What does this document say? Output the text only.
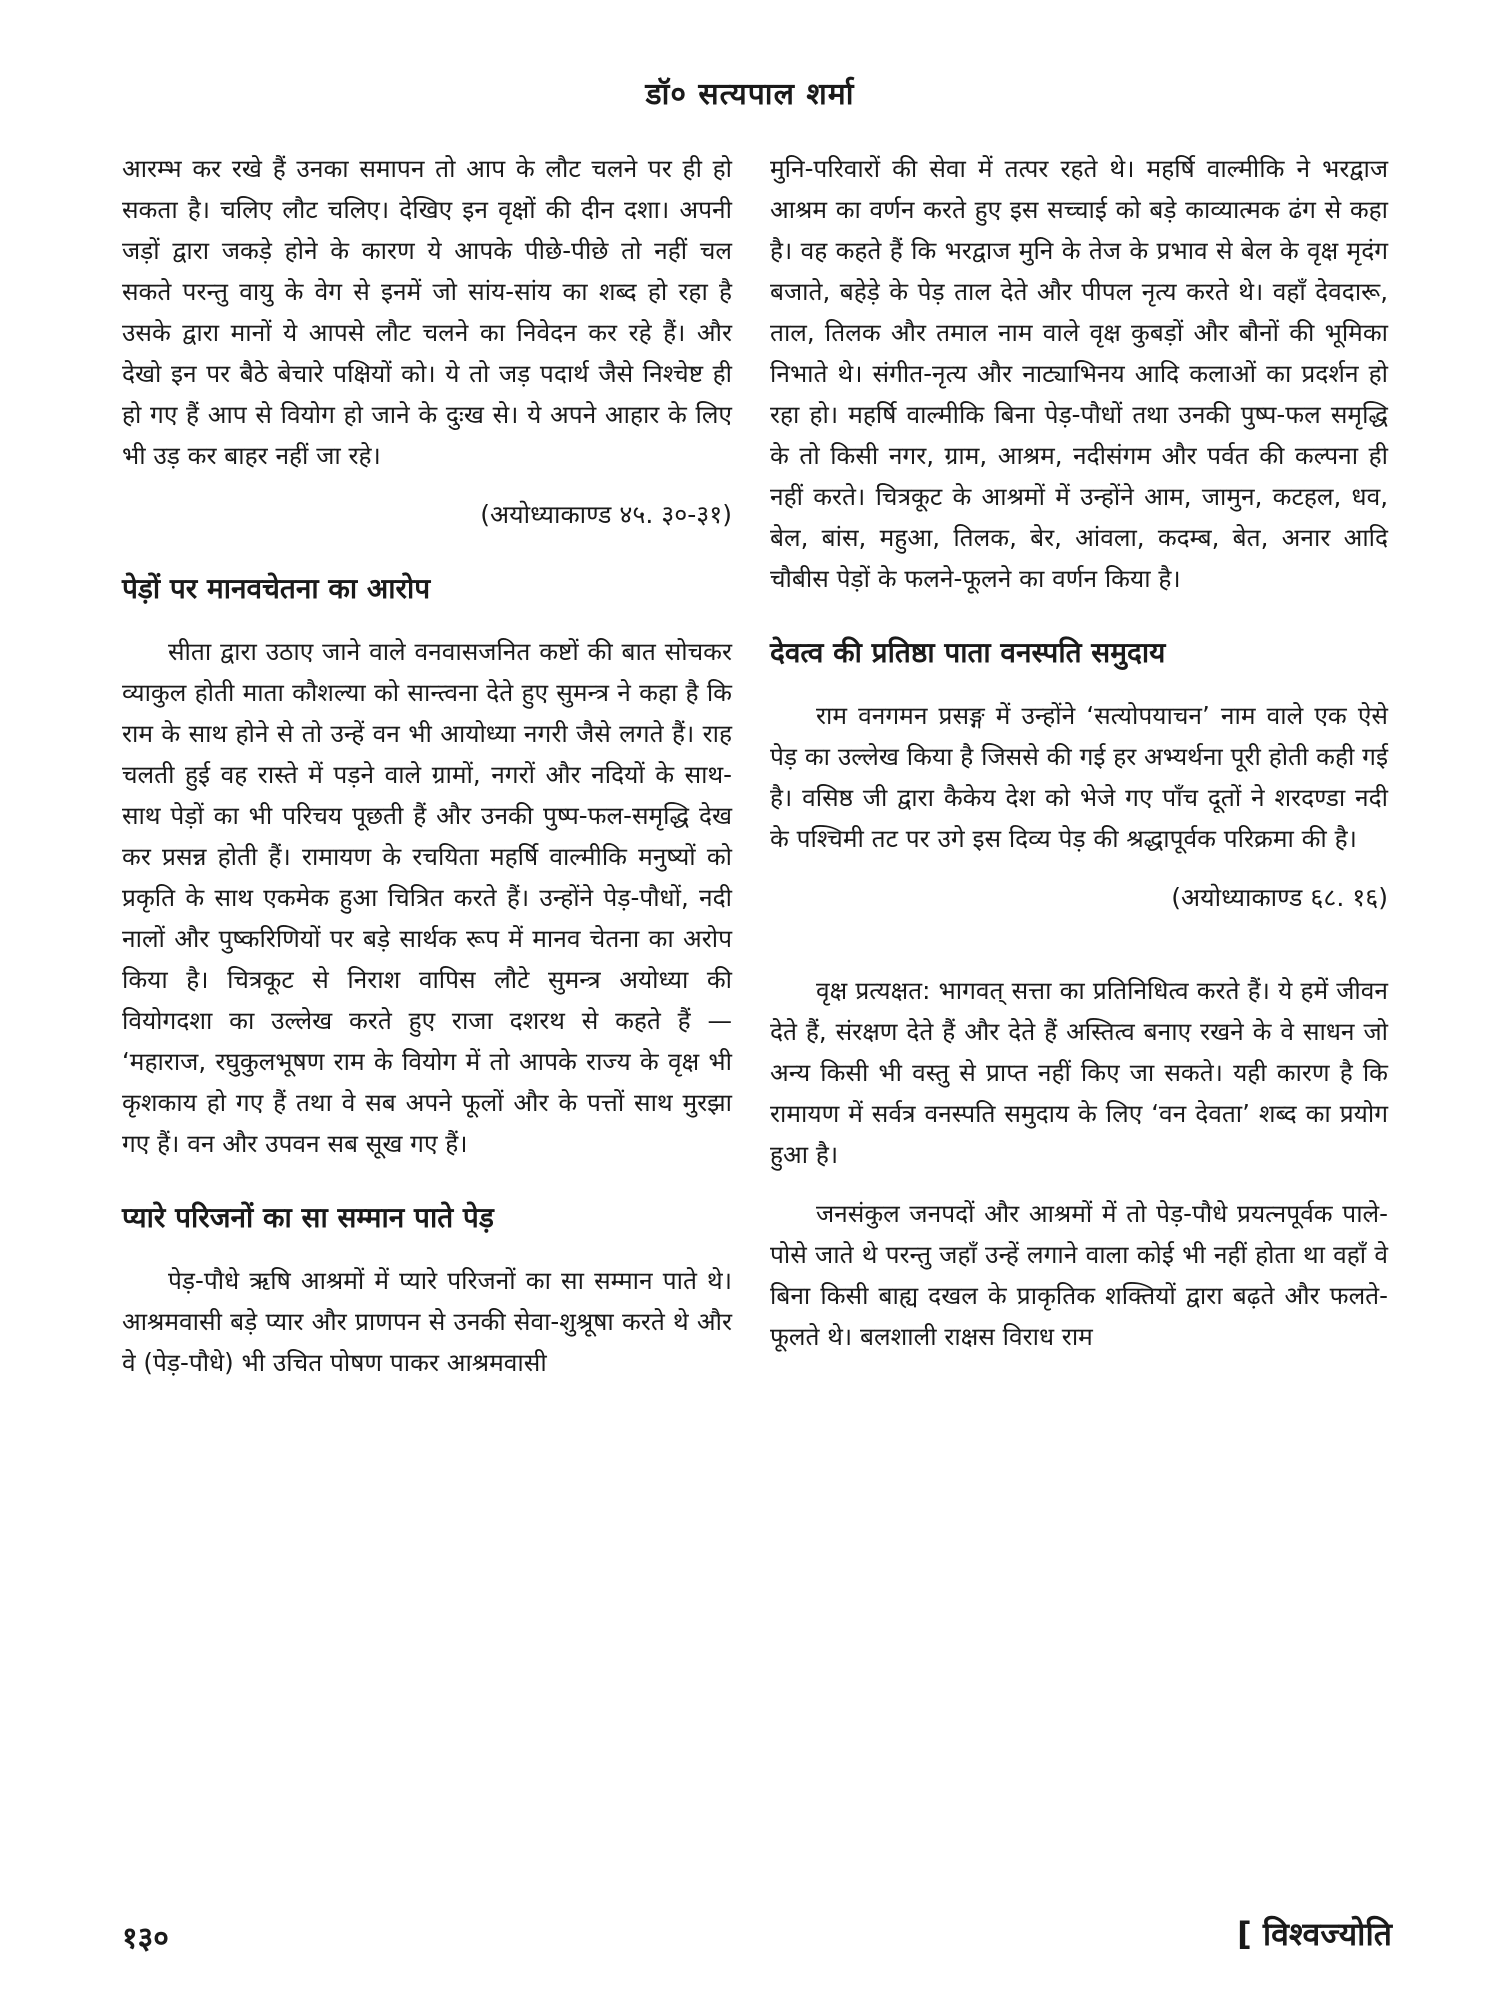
डॉ० सत्यपाल शर्मा

आरम्भ कर रखे हैं उनका समापन तो आप के लौट चलने पर ही हो सकता है। चलिए लौट चलिए। देखिए इन वृक्षों की दीन दशा। अपनी जड़ों द्वारा जकड़े होने के कारण ये आपके पीछे-पीछे तो नहीं चल सकते परन्तु वायु के वेग से इनमें जो सांय-सांय का शब्द हो रहा है उसके द्वारा मानों ये आपसे लौट चलने का निवेदन कर रहे हैं। और देखो इन पर बैठे बेचारे पक्षियों को। ये तो जड़ पदार्थ जैसे निश्चेष्ट ही हो गए हैं आप से वियोग हो जाने के दुःख से। ये अपने आहार के लिए भी उड़ कर बाहर नहीं जा रहे।

(अयोध्याकाण्ड ४५. ३०-३१)
पेड़ों पर मानवचेतना का आरोप

सीता द्वारा उठाए जाने वाले वनवासजनित कष्टों की बात सोचकर व्याकुल होती माता कौशल्या को सान्त्वना देते हुए सुमन्त्र ने कहा है कि राम के साथ होने से तो उन्हें वन भी आयोध्या नगरी जैसे लगते हैं। राह चलती हुई वह रास्ते में पड़ने वाले ग्रामों, नगरों और नदियों के साथ-साथ पेड़ों का भी परिचय पूछती हैं और उनकी पुष्प-फल-समृद्धि देख कर प्रसन्न होती हैं। रामायण के रचयिता महर्षि वाल्मीकि मनुष्यों को प्रकृति के साथ एकमेक हुआ चित्रित करते हैं। उन्होंने पेड़-पौधों, नदी नालों और पुष्करिणियों पर बड़े सार्थक रूप में मानव चेतना का अरोप किया है। चित्रकूट से निराश वापिस लौटे सुमन्त्र अयोध्या की वियोगदशा का उल्लेख करते हुए राजा दशरथ से कहते हैं — ‘महाराज, रघुकुलभूषण राम के वियोग में तो आपके राज्य के वृक्ष भी कृशकाय हो गए हैं तथा वे सब अपने फूलों और के पत्तों साथ मुरझा गए हैं। वन और उपवन सब सूख गए हैं।

प्यारे परिजनों का सा सम्मान पाते पेड़

पेड़-पौधे ऋषि आश्रमों में प्यारे परिजनों का सा सम्मान पाते थे। आश्रमवासी बड़े प्यार और प्राणपन से उनकी सेवा-शुश्रूषा करते थे और वे (पेड़-पौधे) भी उचित पोषण पाकर आश्रमवासी

मुनि-परिवारों की सेवा में तत्पर रहते थे। महर्षि वाल्मीकि ने भरद्वाज आश्रम का वर्णन करते हुए इस सच्चाई को बड़े काव्यात्मक ढंग से कहा है। वह कहते हैं कि भरद्वाज मुनि के तेज के प्रभाव से बेल के वृक्ष मृदंग बजाते, बहेड़े के पेड़ ताल देते और पीपल नृत्य करते थे। वहाँ देवदारू, ताल, तिलक और तमाल नाम वाले वृक्ष कुबड़ों और बौनों की भूमिका निभाते थे। संगीत-नृत्य और नाट्याभिनय आदि कलाओं का प्रदर्शन हो रहा हो। महर्षि वाल्मीकि बिना पेड़-पौधों तथा उनकी पुष्प-फल समृद्धि के तो किसी नगर, ग्राम, आश्रम, नदीसंगम और पर्वत की कल्पना ही नहीं करते। चित्रकूट के आश्रमों में उन्होंने आम, जामुन, कटहल, धव, बेल, बांस, महुआ, तिलक, बेर, आंवला, कदम्ब, बेत, अनार आदि चौबीस पेड़ों के फलने-फूलने का वर्णन किया है।

देवत्व की प्रतिष्ठा पाता वनस्पति समुदाय

राम वनगमन प्रसङ्ग में उन्होंने ‘सत्योपयाचन’ नाम वाले एक ऐसे पेड़ का उल्लेख किया है जिससे की गई हर अभ्यर्थना पूरी होती कही गई है। वसिष्ठ जी द्वारा कैकेय देश को भेजे गए पाँच दूतों ने शरदण्डा नदी के पश्चिमी तट पर उगे इस दिव्य पेड़ की श्रद्धापूर्वक परिक्रमा की है।

(अयोध्याकाण्ड ६८. १६)

वृक्ष प्रत्यक्षत: भागवत् सत्ता का प्रतिनिधित्व करते हैं। ये हमें जीवन देते हैं, संरक्षण देते हैं और देते हैं अस्तित्व बनाए रखने के वे साधन जो अन्य किसी भी वस्तु से प्राप्त नहीं किए जा सकते। यही कारण है कि रामायण में सर्वत्र वनस्पति समुदाय के लिए ‘वन देवता’ शब्द का प्रयोग हुआ है।

जनसंकुल जनपदों और आश्रमों में तो पेड़-पौधे प्रयत्नपूर्वक पाले-पोसे जाते थे परन्तु जहाँ उन्हें लगाने वाला कोई भी नहीं होता था वहाँ वे बिना किसी बाह्य दखल के प्राकृतिक शक्तियों द्वारा बढ़ते और फलते-फूलते थे। बलशाली राक्षस विराध राम

१३०	[ विश्वज्योति
